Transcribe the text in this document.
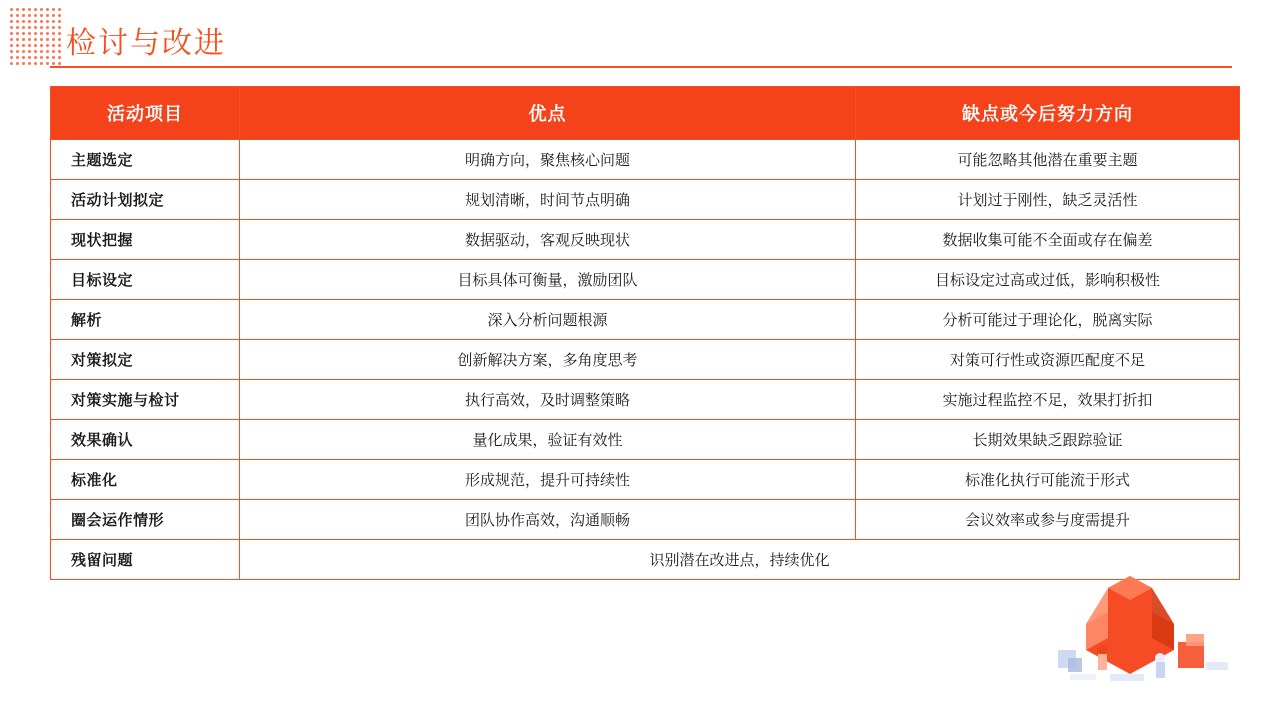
检讨与改进
活动项目	优点	缺点或今后努力方向
主题选定	明确方向，聚焦核心问题	可能忽略其他潜在重要主题
活动计划拟定	规划清晰，时间节点明确	计划过于刚性，缺乏灵活性
现状把握	数据驱动，客观反映现状	数据收集可能不全面或存在偏差
目标设定	目标具体可衡量，激励团队	目标设定过高或过低，影响积极性
解析	深入分析问题根源	分析可能过于理论化，脱离实际
对策拟定	创新解决方案，多角度思考	对策可行性或资源匹配度不足
对策实施与检讨	执行高效，及时调整策略	实施过程监控不足，效果打折扣
效果确认	量化成果，验证有效性	长期效果缺乏跟踪验证
标准化	形成规范，提升可持续性	标准化执行可能流于形式
圈会运作情形	团队协作高效，沟通顺畅	会议效率或参与度需提升
残留问题	识别潜在改进点，持续优化	
